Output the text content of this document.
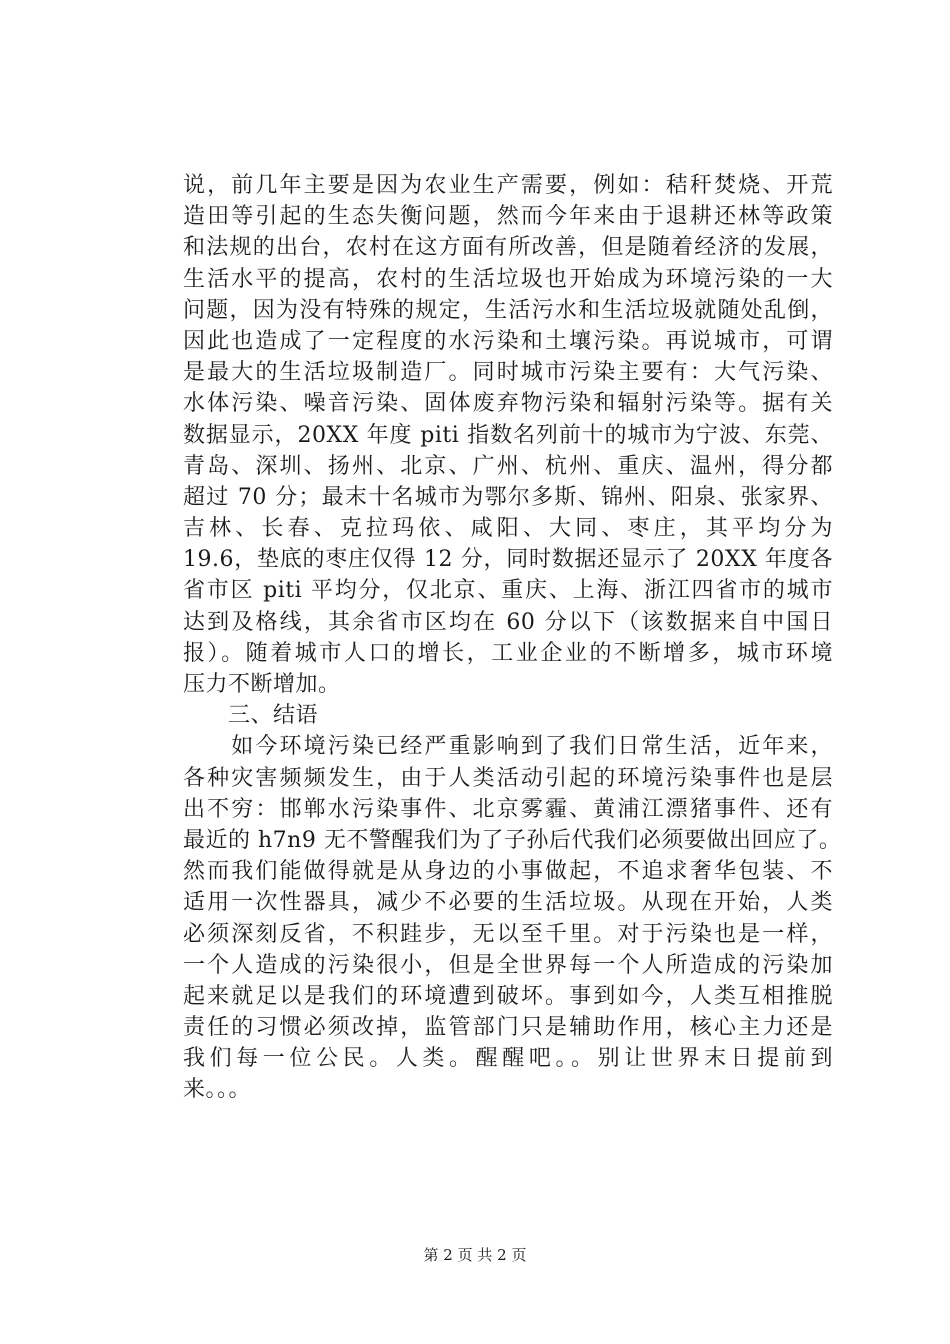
说，前几年主要是因为农业生产需要，例如：秸秆焚烧、开荒
造田等引起的生态失衡问题，然而今年来由于退耕还林等政策
和法规的出台，农村在这方面有所改善，但是随着经济的发展，
生活水平的提高，农村的生活垃圾也开始成为环境污染的一大
问题，因为没有特殊的规定，生活污水和生活垃圾就随处乱倒，
因此也造成了一定程度的水污染和土壤污染。再说城市，可谓
是最大的生活垃圾制造厂。同时城市污染主要有：大气污染、
水体污染、噪音污染、固体废弃物污染和辐射污染等。据有关
数据显示，20XX 年度 piti 指数名列前十的城市为宁波、东莞、
青岛、深圳、扬州、北京、广州、杭州、重庆、温州，得分都
超过 70 分；最末十名城市为鄂尔多斯、锦州、阳泉、张家界、
吉林、长春、克拉玛依、咸阳、大同、枣庄，其平均分为
19.6，垫底的枣庄仅得 12 分，同时数据还显示了 20XX 年度各
省市区 piti 平均分，仅北京、重庆、上海、浙江四省市的城市
达到及格线，其余省市区均在 60 分以下（该数据来自中国日
报）。随着城市人口的增长，工业企业的不断增多，城市环境
压力不断增加。
　　三、结语
　　如今环境污染已经严重影响到了我们日常生活，近年来，
各种灾害频频发生，由于人类活动引起的环境污染事件也是层
出不穷：邯郸水污染事件、北京雾霾、黄浦江漂猪事件、还有
最近的 h7n9 无不警醒我们为了子孙后代我们必须要做出回应了。
然而我们能做得就是从身边的小事做起，不追求奢华包装、不
适用一次性器具，减少不必要的生活垃圾。从现在开始，人类
必须深刻反省，不积跬步，无以至千里。对于污染也是一样，
一个人造成的污染很小，但是全世界每一个人所造成的污染加
起来就足以是我们的环境遭到破坏。事到如今，人类互相推脱
责任的习惯必须改掉，监管部门只是辅助作用，核心主力还是
我们每一位公民。人类。醒醒吧。。别让世界末日提前到
来。。。
第 2 页 共 2 页
